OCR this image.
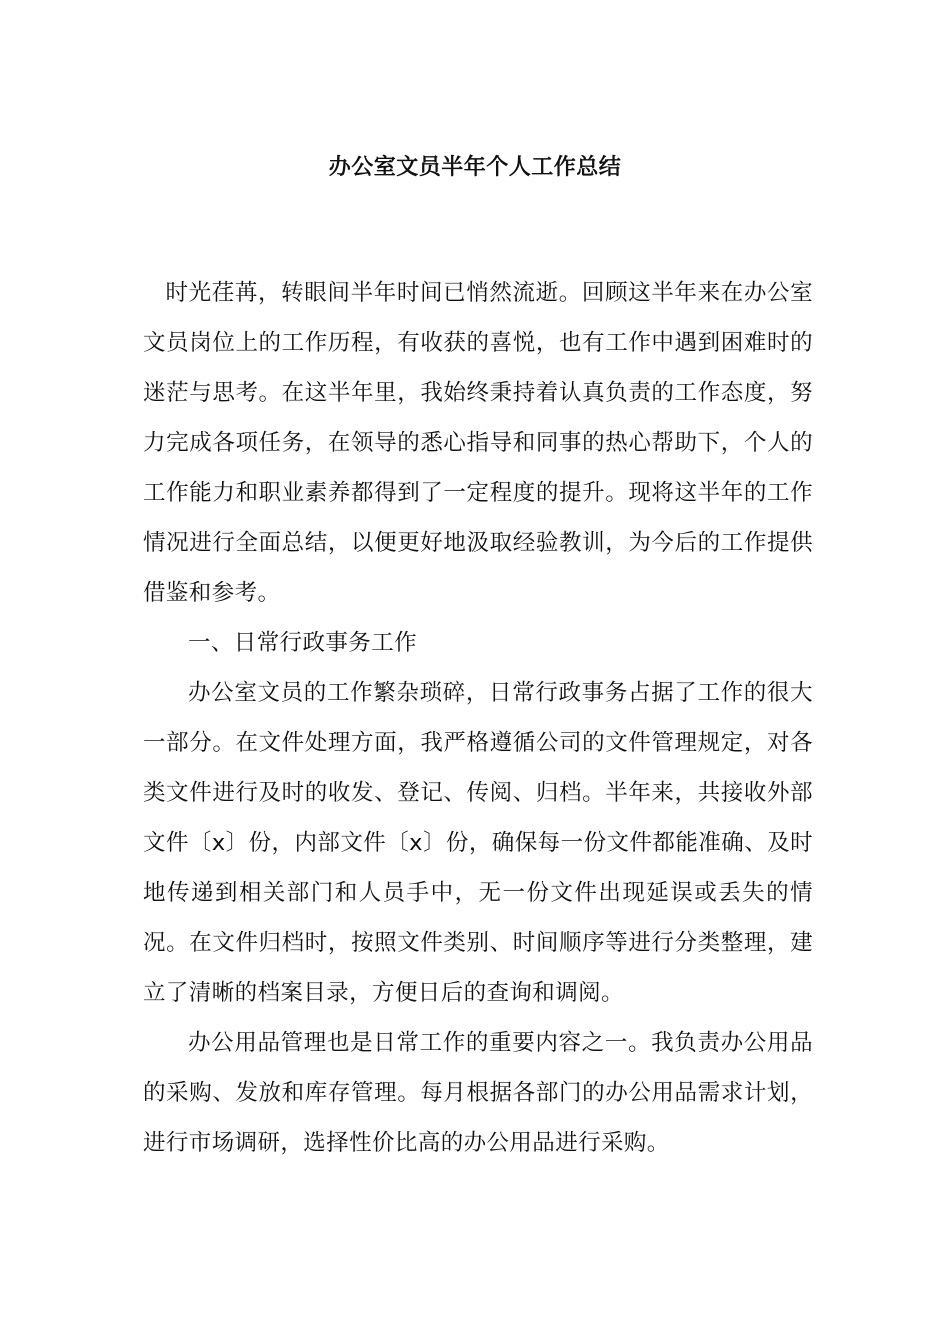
办公室文员半年个人工作总结

时光荏苒，转眼间半年时间已悄然流逝。回顾这半年来在办公室文员岗位上的工作历程，有收获的喜悦，也有工作中遇到困难时的迷茫与思考。在这半年里，我始终秉持着认真负责的工作态度，努力完成各项任务，在领导的悉心指导和同事的热心帮助下，个人的工作能力和职业素养都得到了一定程度的提升。现将这半年的工作情况进行全面总结，以便更好地汲取经验教训，为今后的工作提供借鉴和参考。

一、日常行政事务工作

办公室文员的工作繁杂琐碎，日常行政事务占据了工作的很大一部分。在文件处理方面，我严格遵循公司的文件管理规定，对各类文件进行及时的收发、登记、传阅、归档。半年来，共接收外部文件〔x〕份，内部文件〔x〕份，确保每一份文件都能准确、及时地传递到相关部门和人员手中，无一份文件出现延误或丢失的情况。在文件归档时，按照文件类别、时间顺序等进行分类整理，建立了清晰的档案目录，方便日后的查询和调阅。

办公用品管理也是日常工作的重要内容之一。我负责办公用品的采购、发放和库存管理。每月根据各部门的办公用品需求计划，进行市场调研，选择性价比高的办公用品进行采购。
